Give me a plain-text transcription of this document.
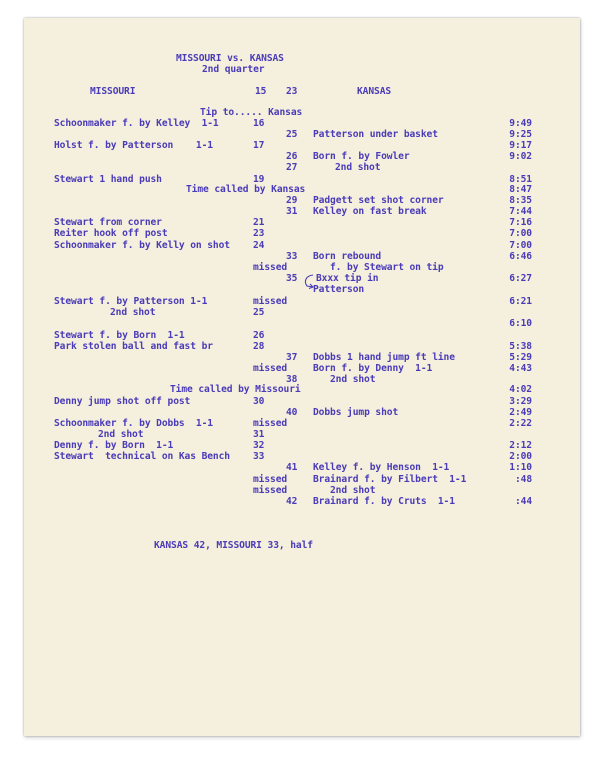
MISSOURI vs. KANSAS
2nd quarter
MISSOURI	15 23	KANSAS
Tip to..... Kansas
Schoonmaker f. by Kelley  1-1
Holst f. by Patterson    1-1
Stewart 1 hand push
Time called by Kansas
Stewart from corner
Reiter hook off post
Schoonmaker f. by Kelly on shot
Stewart f. by Patterson 1-1
2nd shot
Stewart f. by Born  1-1
Park stolen ball and fast br
Time called by Missouri
Denny jump shot off post
Schoonmaker f. by Dobbs  1-1
2nd shot
Denny f. by Born  1-1
Stewart  technical on Kas Bench
16
25
17
26
27
19
29
31
21
23
24
33
missed
35
missed
25
26
28
37
missed
38
30
40
missed
31
32
33
41
missed
missed
42
Patterson under basket
Born f. by Fowler
2nd shot
Padgett set shot corner
Kelley on fast break
Born rebound
f. by Stewart on tip
Bxxx tip in
Patterson
Dobbs 1 hand jump ft line
Born f. by Denny  1-1
2nd shot
Dobbs jump shot
Kelley f. by Henson  1-1
Brainard f. by Filbert  1-1
2nd shot
Brainard f. by Cruts  1-1
9:49
9:25
9:17
9:02
8:51
8:47
8:35
7:44
7:16
7:00
7:00
6:46
6:27
6:21
6:10
5:38
5:29
4:43
4:02
3:29
2:49
2:22
2:12
2:00
1:10
:48
:44
KANSAS 42, MISSOURI 33, half
